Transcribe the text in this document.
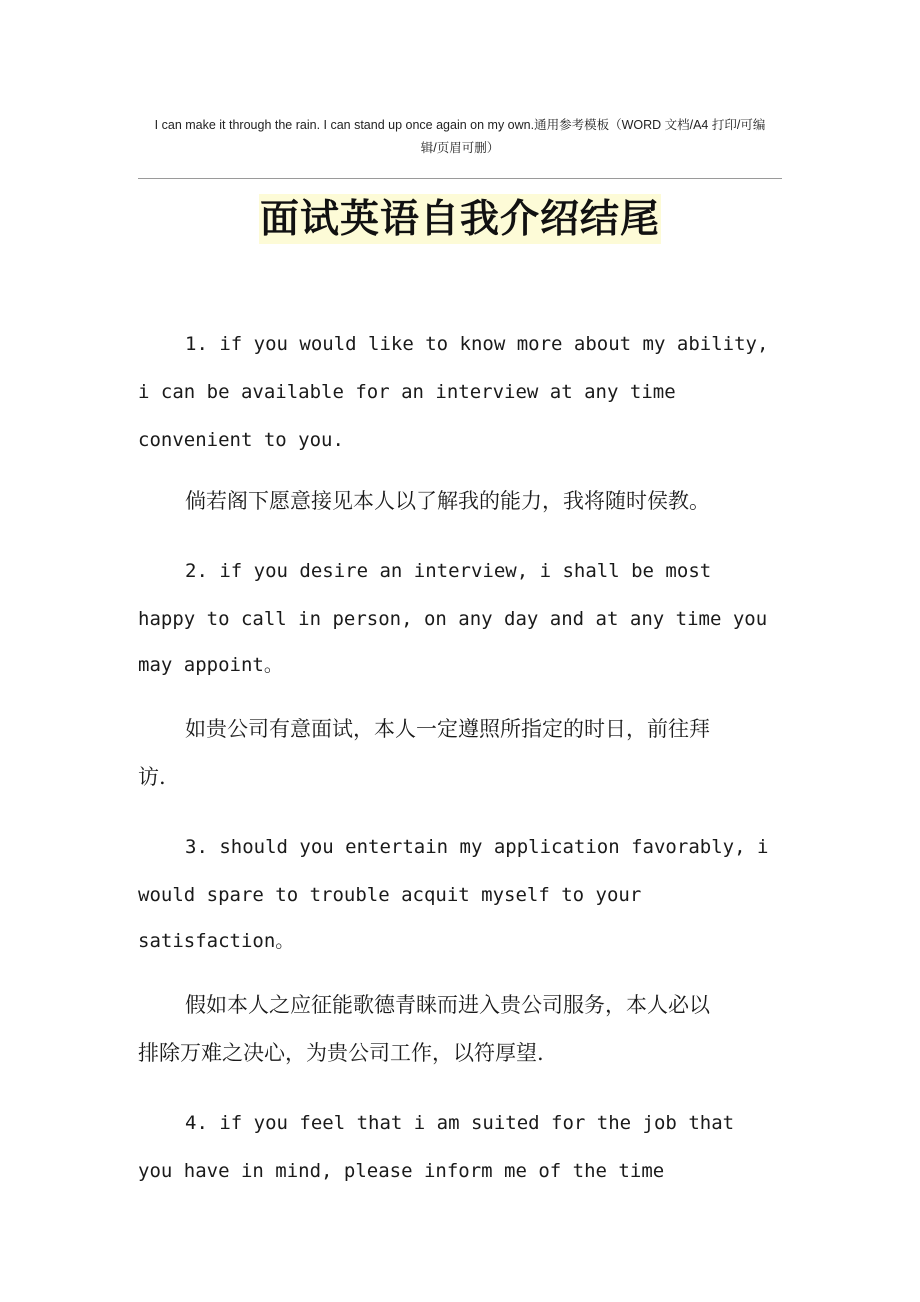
I can make it through the rain. I can stand up once again on my own.通用参考模板（WORD 文档/A4 打印/可编
辑/页眉可删）
面试英语自我介绍结尾
1. if you would like to know more about my ability,
i can be available for an interview at any time
convenient to you.
倘若阁下愿意接见本人以了解我的能力，我将随时侯教。
2. if you desire an interview, i shall be most
happy to call in person, on any day and at any time you
may appoint。
如贵公司有意面试，本人一定遵照所指定的时日，前往拜
访.
3. should you entertain my application favorably, i
would spare to trouble acquit myself to your
satisfaction。
假如本人之应征能歌德青睐而进入贵公司服务，本人必以
排除万难之决心，为贵公司工作，以符厚望.
4. if you feel that i am suited for the job that
you have in mind, please inform me of the time
